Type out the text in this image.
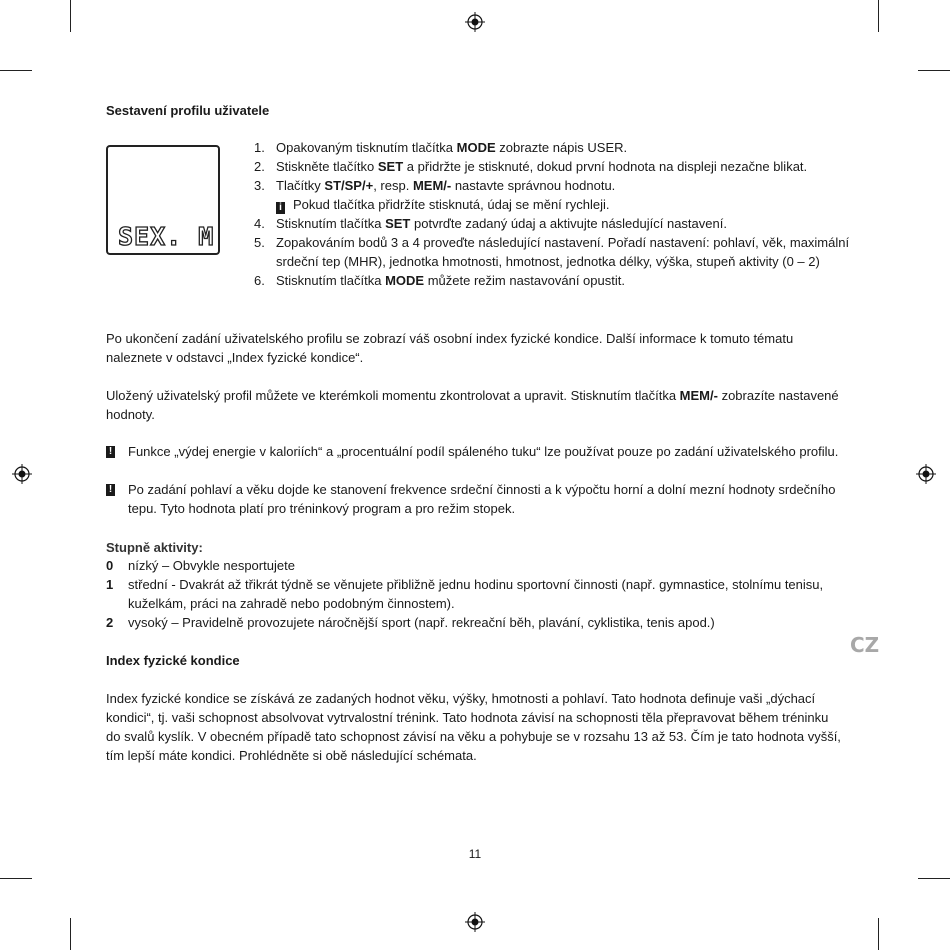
Sestavení profilu uživatele
SEX. M
1. Opakovaným tisknutím tlačítka MODE zobrazte nápis USER.
2. Stiskněte tlačítko SET a přidržte je stisknuté, dokud první hodnota na displeji nezačne blikat.
3. Tlačítky ST/SP/+, resp. MEM/- nastavte správnou hodnotu.
i Pokud tlačítka přidržíte stisknutá, údaj se mění rychleji.
4. Stisknutím tlačítka SET potvrďte zadaný údaj a aktivujte následující nastavení.
5. Zopakováním bodů 3 a 4 proveďte následující nastavení. Pořadí nastavení: pohlaví, věk, maximální srdeční tep (MHR), jednotka hmotnosti, hmotnost, jednotka délky, výška, stupeň aktivity (0 – 2)
6. Stisknutím tlačítka MODE můžete režim nastavování opustit.

Po ukončení zadání uživatelského profilu se zobrazí váš osobní index fyzické kondice. Další informace k tomuto tématu naleznete v odstavci „Index fyzické kondice“.

Uložený uživatelský profil můžete ve kterémkoli momentu zkontrolovat a upravit. Stisknutím tlačítka MEM/- zobrazíte nastavené hodnoty.

! Funkce „výdej energie v kaloriích“ a „procentuální podíl spáleného tuku“ lze používat pouze po zadání uživatelského profilu.
! Po zadání pohlaví a věku dojde ke stanovení frekvence srdeční činnosti a k výpočtu horní a dolní mezní hodnoty srdečního tepu. Tyto hodnota platí pro tréninkový program a pro režim stopek.
Stupně aktivity:
0 nízký – Obvykle nesportujete
1 střední - Dvakrát až třikrát týdně se věnujete přibližně jednu hodinu sportovní činnosti (např. gymnastice, stolnímu tenisu, kuželkám, práci na zahradě nebo podobným činnostem).
2 vysoký – Pravidelně provozujete náročnější sport (např. rekreační běh, plavání, cyklistika, tenis apod.)
CZ
Index fyzické kondice

Index fyzické kondice se získává ze zadaných hodnot věku, výšky, hmotnosti a pohlaví. Tato hodnota definuje vaši „dýchací kondici“, tj. vaši schopnost absolvovat vytrvalostní trénink. Tato hodnota závisí na schopnosti těla přepravovat během tréninku do svalů kyslík. V obecném případě tato schopnost závisí na věku a pohybuje se v rozsahu 13 až 53. Čím je tato hodnota vyšší, tím lepší máte kondici. Prohlédněte si obě následující schémata.

11
